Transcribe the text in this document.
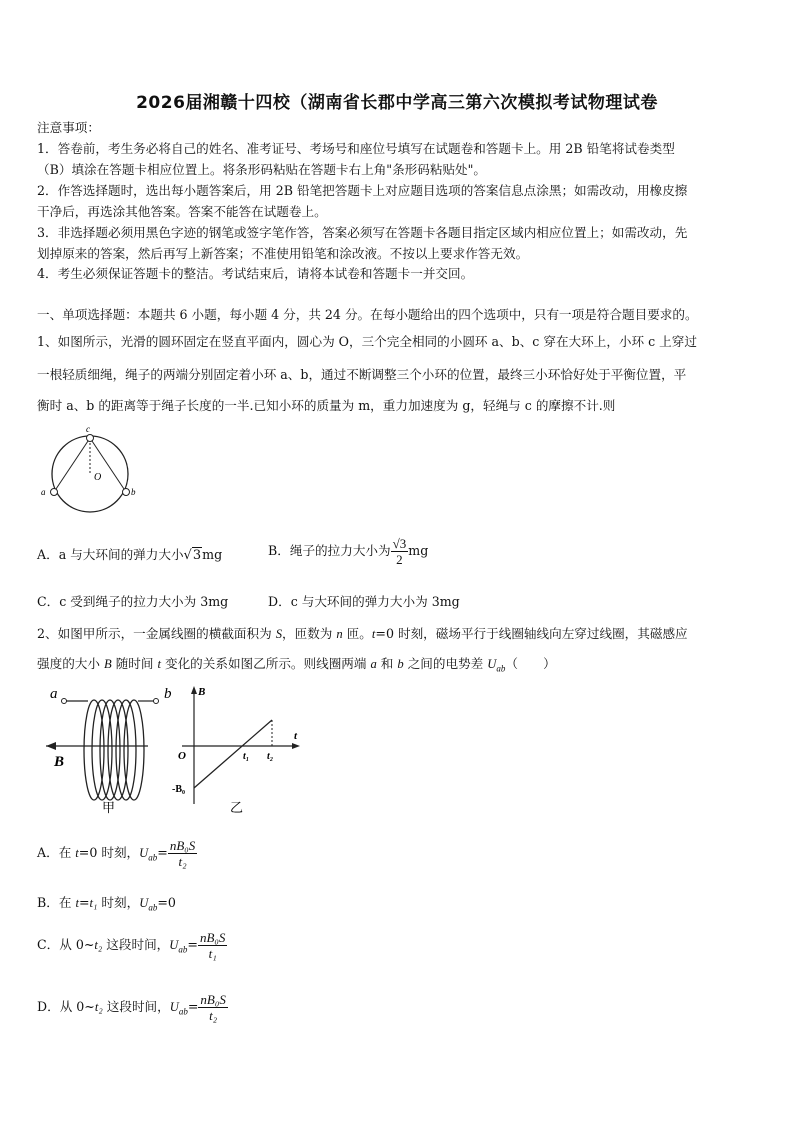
2026届湘赣十四校（湖南省长郡中学高三第六次模拟考试物理试卷
注意事项：
1．答卷前，考生务必将自己的姓名、准考证号、考场号和座位号填写在试题卷和答题卡上。用 2B 铅笔将试卷类型
（B）填涂在答题卡相应位置上。将条形码粘贴在答题卡右上角"条形码粘贴处"。
2．作答选择题时，选出每小题答案后，用 2B 铅笔把答题卡上对应题目选项的答案信息点涂黑；如需改动，用橡皮擦
干净后，再选涂其他答案。答案不能答在试题卷上。
3．非选择题必须用黑色字迹的钢笔或签字笔作答，答案必须写在答题卡各题目指定区域内相应位置上；如需改动，先
划掉原来的答案，然后再写上新答案；不准使用铅笔和涂改液。不按以上要求作答无效。
4．考生必须保证答题卡的整洁。考试结束后，请将本试卷和答题卡一并交回。
一、单项选择题：本题共 6 小题，每小题 4 分，共 24 分。在每小题给出的四个选项中，只有一项是符合题目要求的。
1、如图所示，光滑的圆环固定在竖直平面内，圆心为 O，三个完全相同的小圆环 a、b、c 穿在大环上，小环 c 上穿过
一根轻质细绳，绳子的两端分别固定着小环 a、b，通过不断调整三个小环的位置，最终三小环恰好处于平衡位置，平
衡时 a、b 的距离等于绳子长度的一半.已知小环的质量为 m，重力加速度为 g，轻绳与 c 的摩擦不计.则
c
O
a	b
A．a 与大环间的弹力大小√3mg	B．绳子的拉力大小为 $\frac{√3}{2}$ mg
C．c 受到绳子的拉力大小为 3mg	D．c 与大环间的弹力大小为 3mg
2、如图甲所示，一金属线圈的横截面积为 S，匝数为 n 匝。t=0 时刻，磁场平行于线圈轴线向左穿过线圈，其磁感应
强度的大小 B 随时间 t 变化的关系如图乙所示。则线圈两端 a 和 b 之间的电势差 $U_{ab}$（　　）
a	b
B
甲
B
t
O	t₁ t₂
-B₀
乙
A．在 t=0 时刻，$U_{ab}= \frac{\text{nB₀S}}{\text{t₂}}$
B．在 t=t₁ 时刻，$U_{ab}=0$
C．从 0~t₂ 这段时间，$U_{ab}= \frac{\text{nB₀S}}{\text{t₁}}$
D．从 0~t₂ 这段时间，$U_{ab}= \frac{\text{nB₀S}}{\text{t₂}}$
